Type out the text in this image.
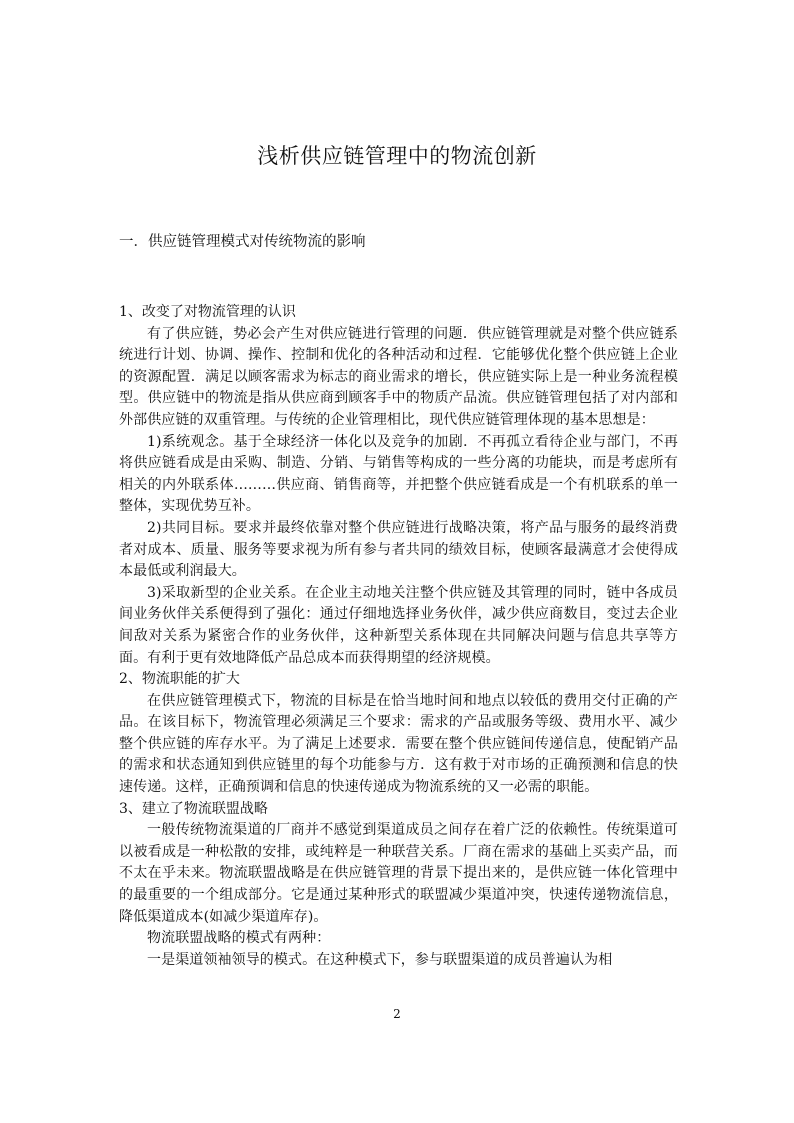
浅析供应链管理中的物流创新
一．供应链管理模式对传统物流的影响
1、改变了对物流管理的认识

有了供应链，势必会产生对供应链进行管理的问题．供应链管理就是对整个供应链系统进行计划、协调、操作、控制和优化的各种活动和过程．它能够优化整个供应链上企业的资源配置．满足以顾客需求为标志的商业需求的增长，供应链实际上是一种业务流程模型。供应链中的物流是指从供应商到顾客手中的物质产品流。供应链管理包括了对内部和外部供应链的双重管理。与传统的企业管理相比，现代供应链管理体现的基本思想是：

1)系统观念。基于全球经济一体化以及竞争的加剧．不再孤立看待企业与部门，不再将供应链看成是由采购、制造、分销、与销售等构成的一些分离的功能块，而是考虑所有相关的内外联系体………供应商、销售商等，并把整个供应链看成是一个有机联系的单一整体，实现优势互补。

2)共同目标。要求并最终依靠对整个供应链进行战略决策，将产品与服务的最终消费者对成本、质量、服务等要求视为所有参与者共同的绩效目标，使顾客最满意才会使得成本最低或利润最大。

3)采取新型的企业关系。在企业主动地关注整个供应链及其管理的同时，链中各成员间业务伙伴关系便得到了强化：通过仔细地选择业务伙伴，减少供应商数目，变过去企业间敌对关系为紧密合作的业务伙伴，这种新型关系体现在共同解决问题与信息共享等方面。有利于更有效地降低产品总成本而获得期望的经济规模。

2、物流职能的扩大

在供应链管理模式下，物流的目标是在恰当地时间和地点以较低的费用交付正确的产品。在该目标下，物流管理必须满足三个要求：需求的产品或服务等级、费用水平、减少整个供应链的库存水平。为了满足上述要求．需要在整个供应链间传递信息，使配销产品的需求和状态通知到供应链里的每个功能参与方．这有救于对市场的正确预测和信息的快速传递。这样，正确预调和信息的快速传递成为物流系统的又一必需的职能。

3、建立了物流联盟战略

一般传统物流渠道的厂商并不感觉到渠道成员之间存在着广泛的依赖性。传统渠道可以被看成是一种松散的安排，或纯粹是一种联营关系。厂商在需求的基础上买卖产品，而不太在乎未来。物流联盟战略是在供应链管理的背景下提出来的，是供应链一体化管理中的最重要的一个组成部分。它是通过某种形式的联盟减少渠道冲突，快速传递物流信息，降低渠道成本(如减少渠道库存)。

物流联盟战略的模式有两种：

一是渠道领袖领导的模式。在这种模式下，参与联盟渠道的成员普遍认为相

2
